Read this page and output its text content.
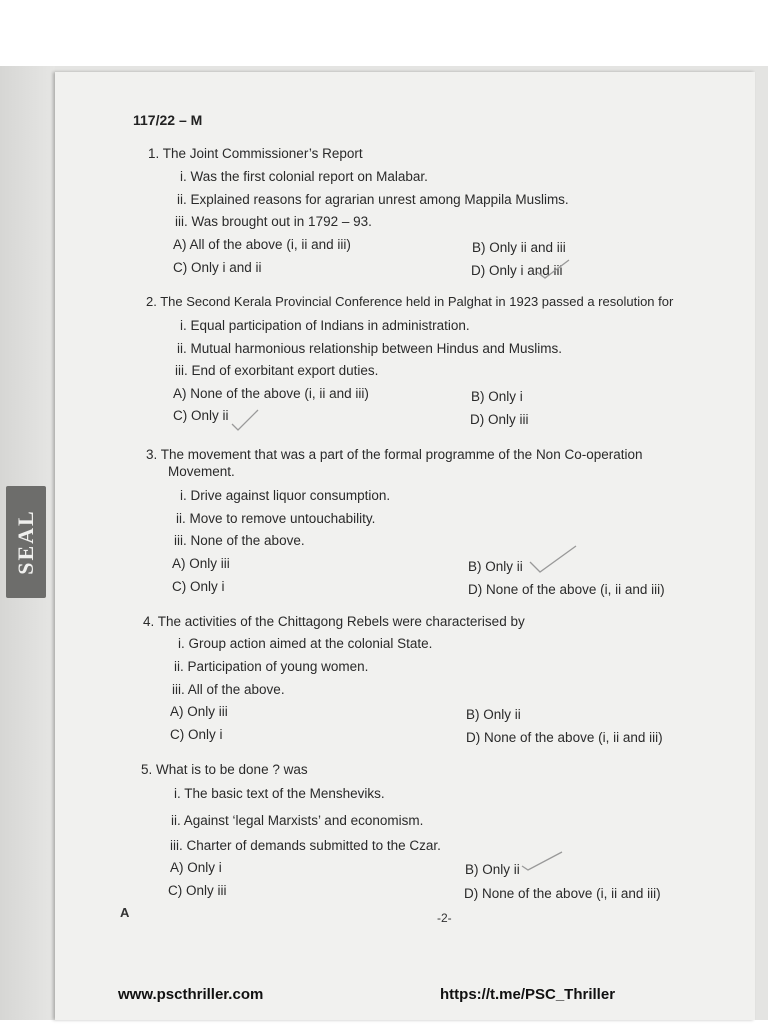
SEAL
117/22 – M
1. The Joint Commissioner’s Report
i. Was the first colonial report on Malabar.
ii. Explained reasons for agrarian unrest among Mappila Muslims.
iii. Was brought out in 1792 – 93.
A) All of the above (i, ii and iii)	B) Only ii and iii
C) Only i and ii	D) Only i and iii
2. The Second Kerala Provincial Conference held in Palghat in 1923 passed a resolution for
i. Equal participation of Indians in administration.
ii. Mutual harmonious relationship between Hindus and Muslims.
iii. End of exorbitant export duties.
A) None of the above (i, ii and iii)	B) Only i
C) Only ii	D) Only iii
3. The movement that was a part of the formal programme of the Non Co-operation
Movement.
i. Drive against liquor consumption.
ii. Move to remove untouchability.
iii. None of the above.
A) Only iii	B) Only ii
C) Only i	D) None of the above (i, ii and iii)
4. The activities of the Chittagong Rebels were characterised by
i. Group action aimed at the colonial State.
ii. Participation of young women.
iii. All of the above.
A) Only iii	B) Only ii
C) Only i	D) None of the above (i, ii and iii)
5. What is to be done ? was
i. The basic text of the Mensheviks.
ii. Against ‘legal Marxists’ and economism.
iii. Charter of demands submitted to the Czar.
A) Only i	B) Only ii
C) Only iii	D) None of the above (i, ii and iii)
A	-2-
www.pscthriller.com	https://t.me/PSC_Thriller
